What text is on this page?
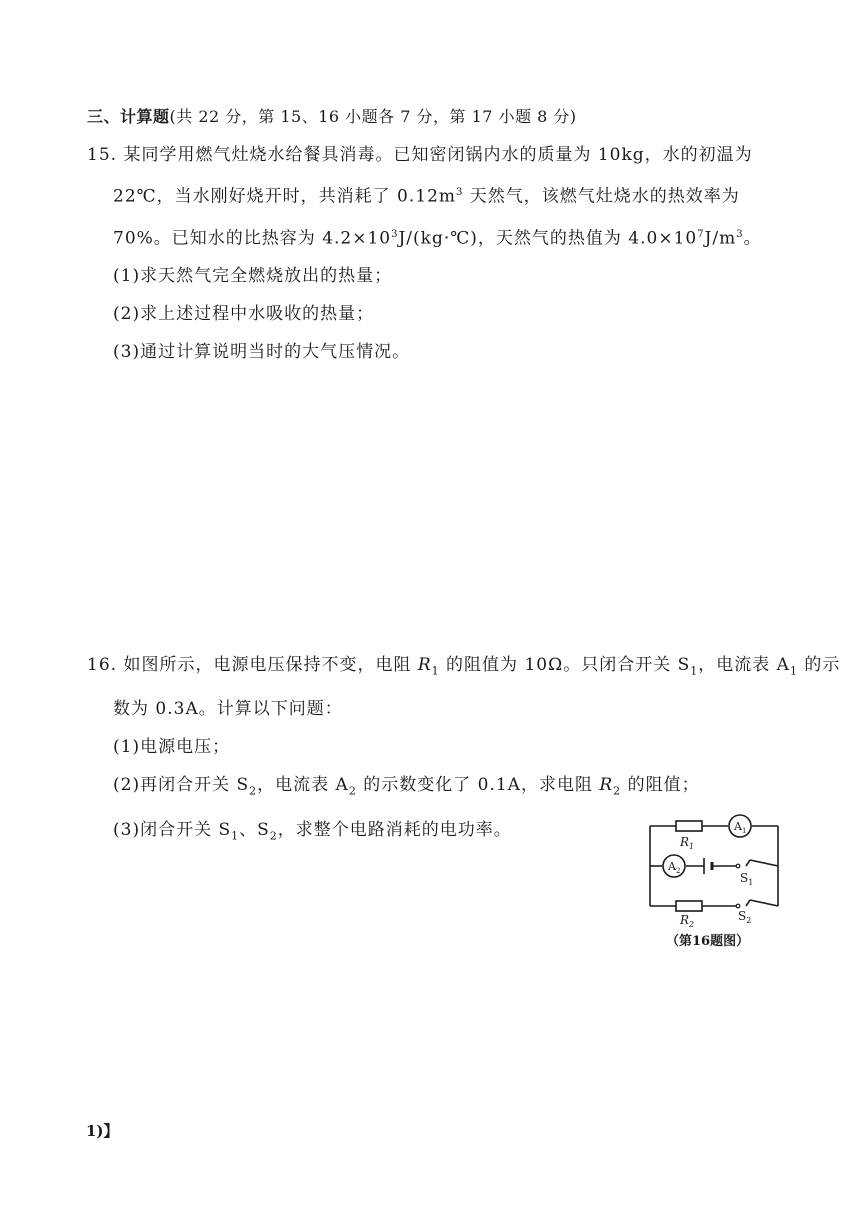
三、计算题(共 22 分，第 15、16 小题各 7 分，第 17 小题 8 分)
15. 某同学用燃气灶烧水给餐具消毒。已知密闭锅内水的质量为 10kg，水的初温为
22℃，当水刚好烧开时，共消耗了 $0.12m^3$ 天然气，该燃气灶烧水的热效率为
70%。已知水的比热容为 $4.2\times 10^3J/(kg\cdot℃)$，天然气的热值为 $4.0\times 10^7J/m^3$。
(1)求天然气完全燃烧放出的热量；
(2)求上述过程中水吸收的热量；
(3)通过计算说明当时的大气压情况。
16. 如图所示，电源电压保持不变，电阻 $R_1$ 的阻值为 10Ω。只闭合开关 $S_1$，电流表 $A_1$ 的示
数为 0.3A。计算以下问题：
(1)电源电压；
(2)再闭合开关 $S_2$，电流表 $A_2$ 的示数变化了 0.1A，求电阻 $R_2$ 的阻值；
(3)闭合开关 $S_1$、$S_2$，求整个电路消耗的电功率。
$R_1$
$A_1$
$A_2$	$S_1$
$R_2$
$S_2$
（第16题图）
1)】
